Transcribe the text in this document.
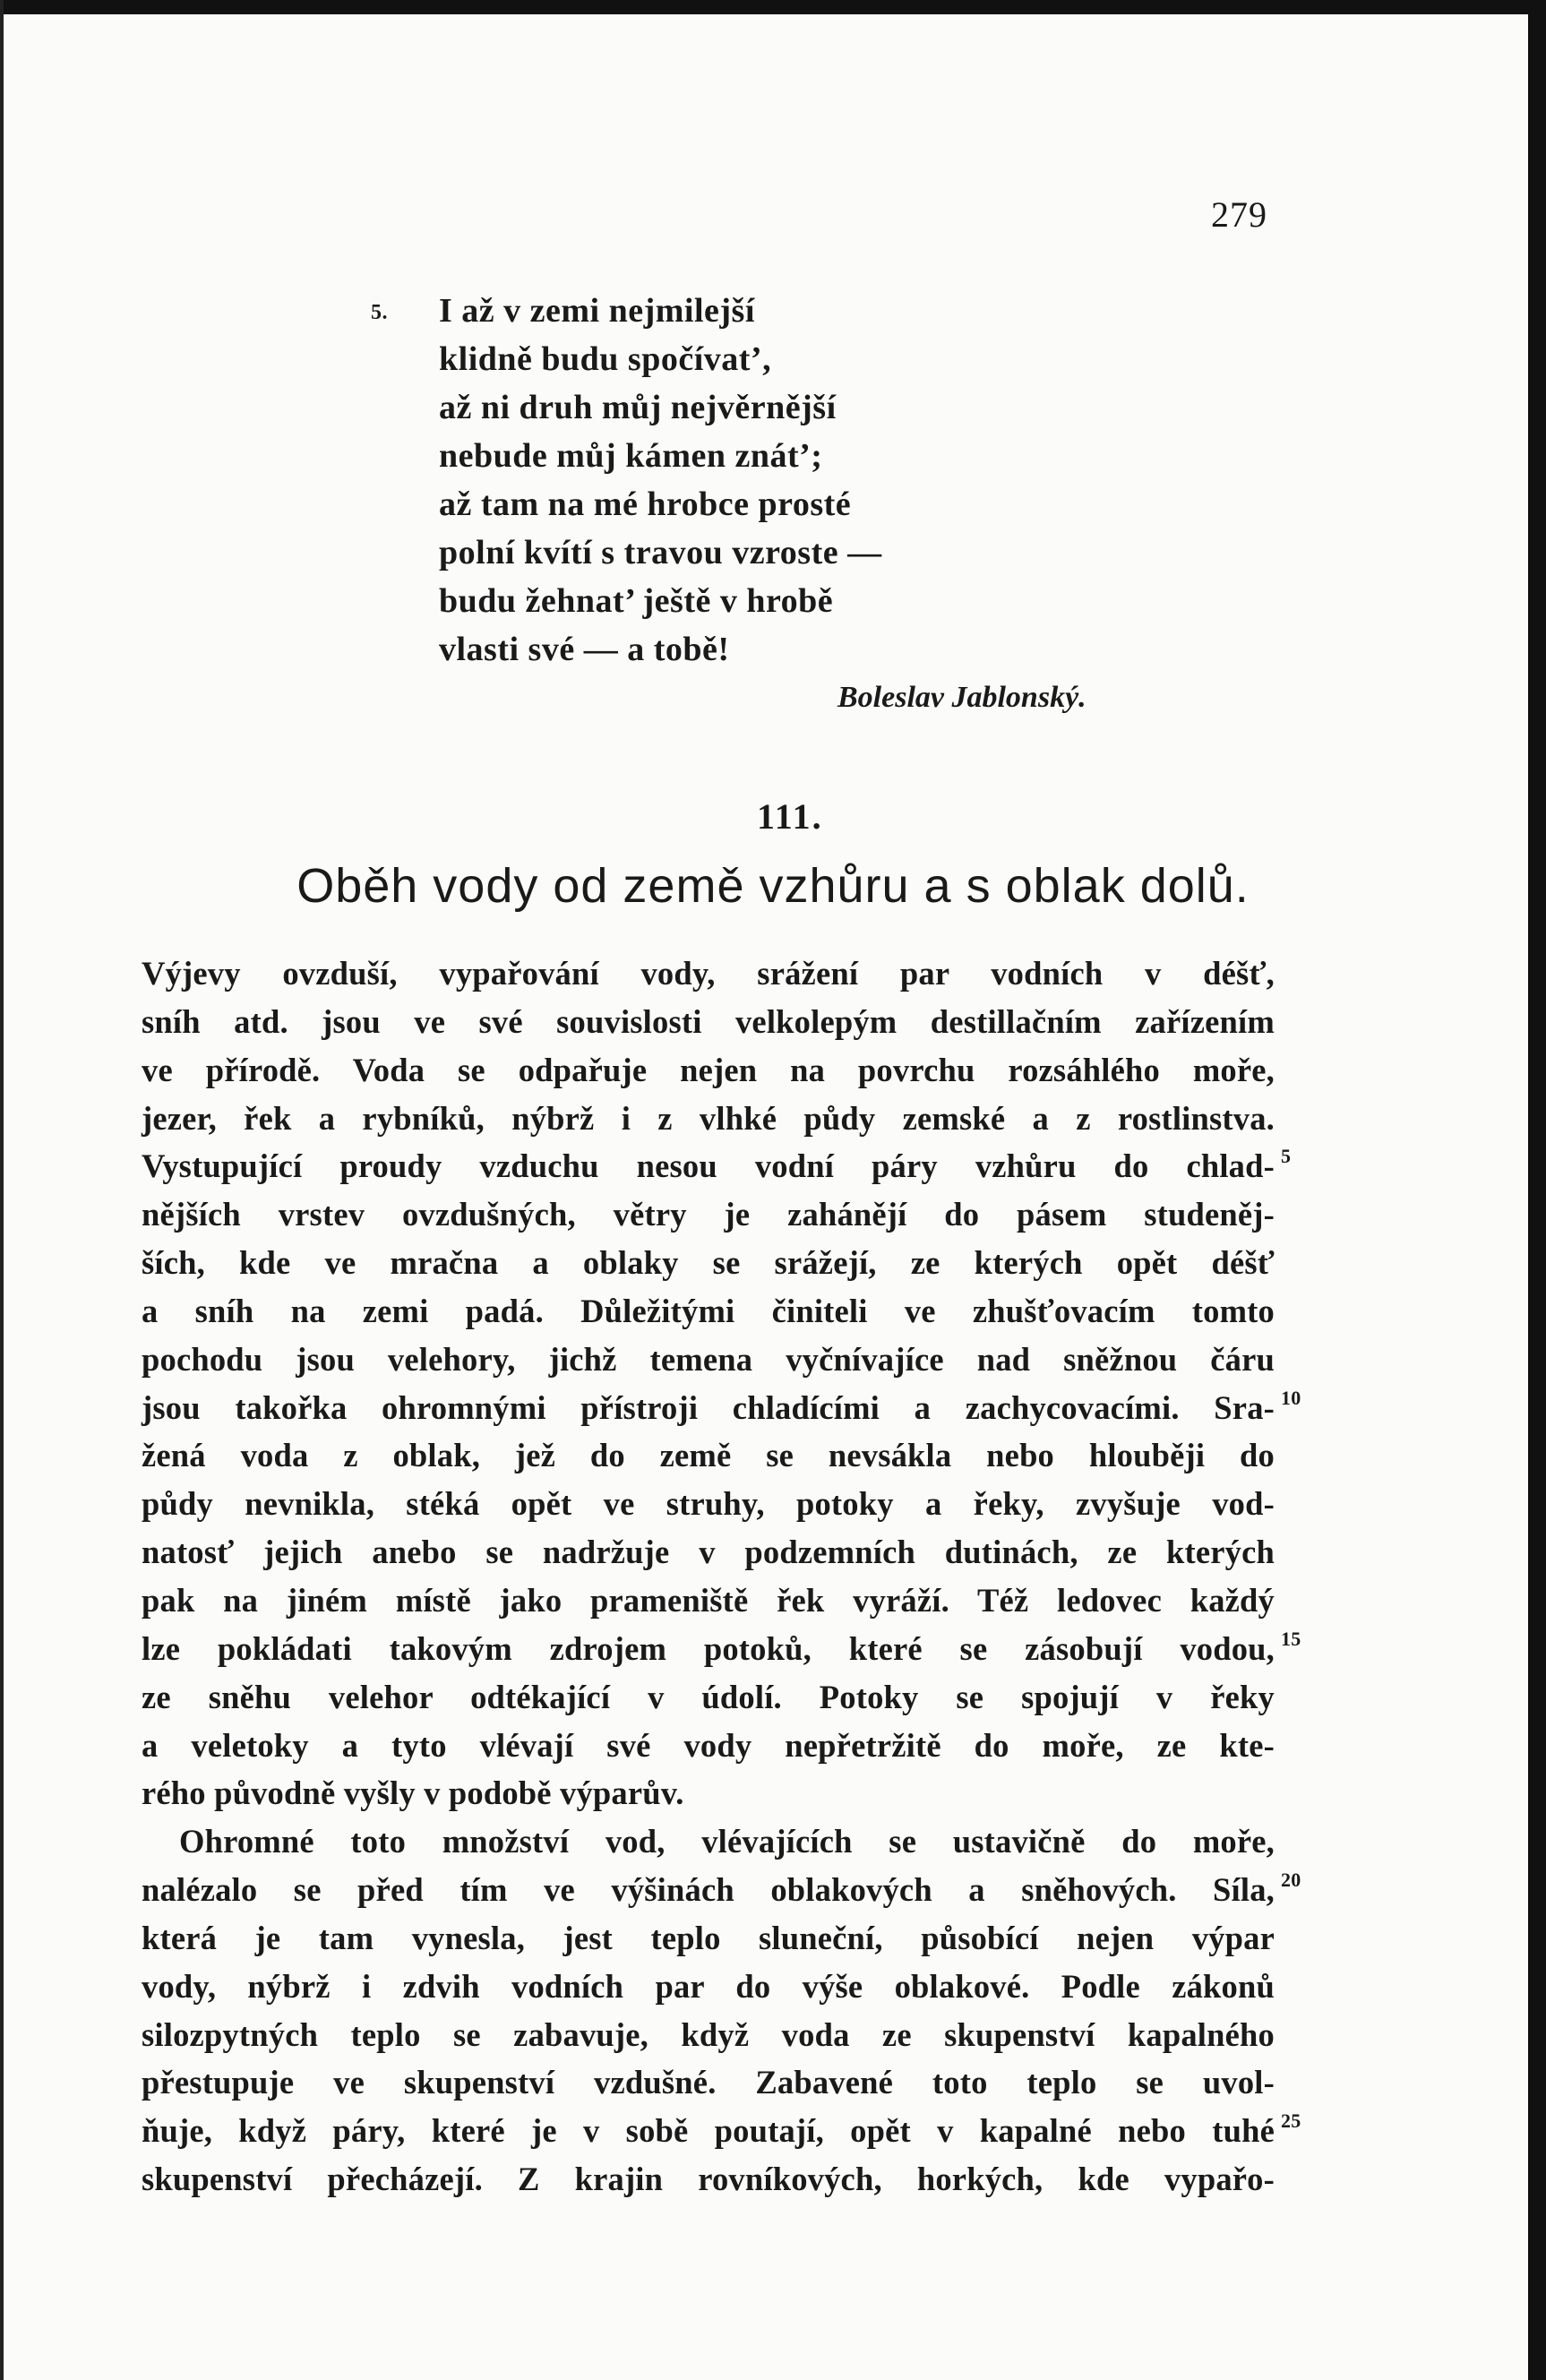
279
5. I až v zemi nejmilejší
klidně budu spočívat’,
až ni druh můj nejvěrnější
nebude můj kámen znát’;
až tam na mé hrobce prosté
polní kvítí s travou vzroste —
budu žehnat’ ještě v hrobě
vlasti své — a tobě!
Boleslav Jablonský.
111.
Oběh vody od země vzhůru a s oblak dolů.
Výjevy ovzduší, vypařování vody, srážení par vodních v déšť,
sníh atd. jsou ve své souvislosti velkolepým destillačním zařízením
ve přírodě. Voda se odpařuje nejen na povrchu rozsáhlého moře,
jezer, řek a rybníků, nýbrž i z vlhké půdy zemské a z rostlinstva.
Vystupující proudy vzduchu nesou vodní páry vzhůru do chlad- 5
nějších vrstev ovzdušných, větry je zahánějí do pásem studeněj-
ších, kde ve mračna a oblaky se srážejí, ze kterých opět déšť
a sníh na zemi padá. Důležitými činiteli ve zhušťovacím tomto
pochodu jsou velehory, jichž temena vyčnívajíce nad sněžnou čáru
jsou takořka ohromnými přístroji chladícími a zachycovacími. Sra- 10
žená voda z oblak, jež do země se nevsákla nebo hlouběji do
půdy nevnikla, stéká opět ve struhy, potoky a řeky, zvyšuje vod-
natosť jejich anebo se nadržuje v podzemních dutinách, ze kterých
pak na jiném místě jako prameniště řek vyráží. Též ledovec každý
lze pokládati takovým zdrojem potoků, které se zásobují vodou, 15
ze sněhu velehor odtékající v údolí. Potoky se spojují v řeky
a veletoky a tyto vlévají své vody nepřetržitě do moře, ze kte-
rého původně vyšly v podobě výparův.
Ohromné toto množství vod, vlévajících se ustavičně do moře,
nalézalo se před tím ve výšinách oblakových a sněhových. Síla, 20
která je tam vynesla, jest teplo sluneční, působící nejen výpar
vody, nýbrž i zdvih vodních par do výše oblakové. Podle zákonů
silozpytných teplo se zabavuje, když voda ze skupenství kapalného
přestupuje ve skupenství vzdušné. Zabavené toto teplo se uvol-
ňuje, když páry, které je v sobě poutají, opět v kapalné nebo tuhé 25
skupenství přecházejí. Z krajin rovníkových, horkých, kde vypařo-
